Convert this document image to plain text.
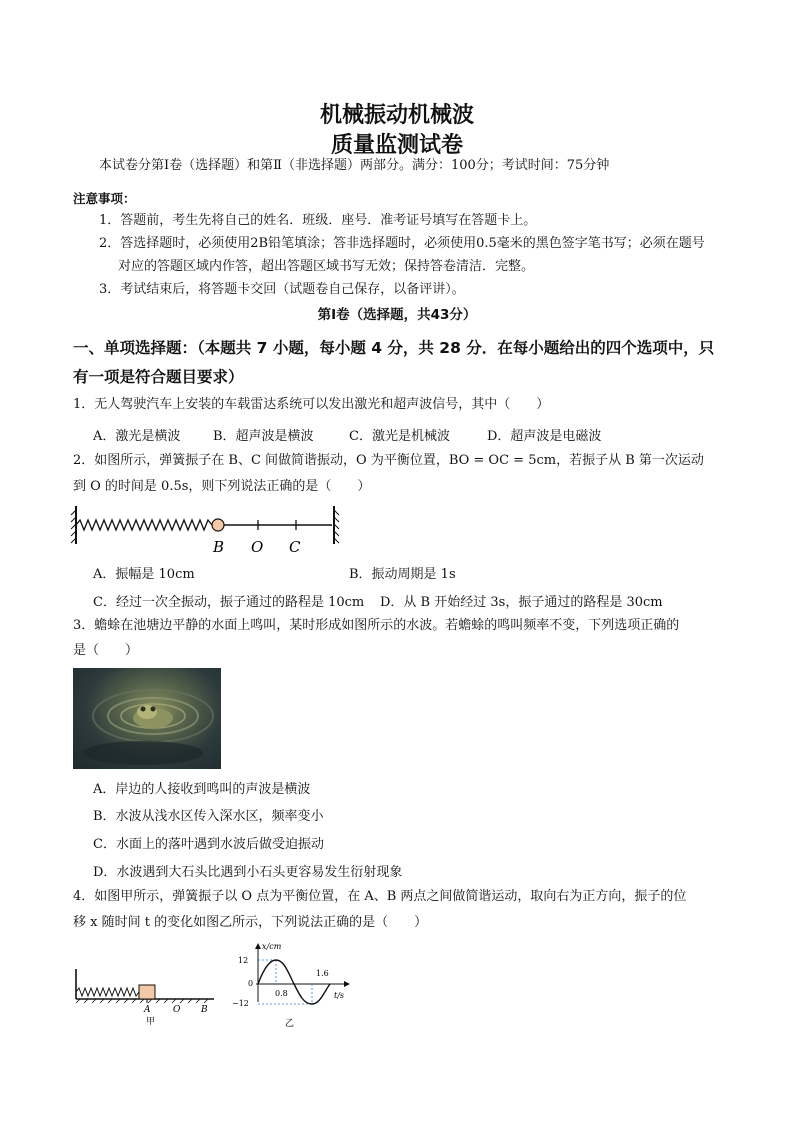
机械振动机械波
质量监测试卷
本试卷分第Ⅰ卷（选择题）和第Ⅱ（非选择题）两部分。满分：100分；考试时间：75分钟
注意事项：
1．答题前，考生先将自己的姓名．班级．座号．准考证号填写在答题卡上。
2．答选择题时，必须使用2B铅笔填涂；答非选择题时，必须使用0.5毫米的黑色签字笔书写；必须在题号
对应的答题区域内作答，超出答题区域书写无效；保持答卷清洁．完整。
3．考试结束后，将答题卡交回（试题卷自己保存，以备评讲）。
第Ⅰ卷（选择题，共43分）
一、单项选择题：（本题共 7 小题，每小题 4 分，共 28 分．在每小题给出的四个选项中，只
有一项是符合题目要求）
1．无人驾驶汽车上安装的车载雷达系统可以发出激光和超声波信号，其中（　　）
A．激光是横波	B．超声波是横波	C．激光是机械波	D．超声波是电磁波
2．如图所示，弹簧振子在 B、C 间做简谐振动，O 为平衡位置，BO = OC = 5cm，若振子从 B 第一次运动
到 O 的时间是 0.5s，则下列说法正确的是（　　）
B O C
A．振幅是 10cm	B．振动周期是 1s
C．经过一次全振动，振子通过的路程是 10cm D．从 B 开始经过 3s，振子通过的路程是 30cm
3．蟾蜍在池塘边平静的水面上鸣叫，某时形成如图所示的水波。若蟾蜍的鸣叫频率不变，下列选项正确的
是（　　）
A．岸边的人接收到鸣叫的声波是横波
B．水波从浅水区传入深水区，频率变小
C．水面上的落叶遇到水波后做受迫振动
D．水波遇到大石头比遇到小石头更容易发生衍射现象
4．如图甲所示，弹簧振子以 O 点为平衡位置，在 A、B 两点之间做简谐运动，取向右为正方向，振子的位
移 x 随时间 t 的变化如图乙所示，下列说法正确的是（　　）
A	O B
甲
x/cm
t/s
12
0
−12
0.8
1.6
乙
